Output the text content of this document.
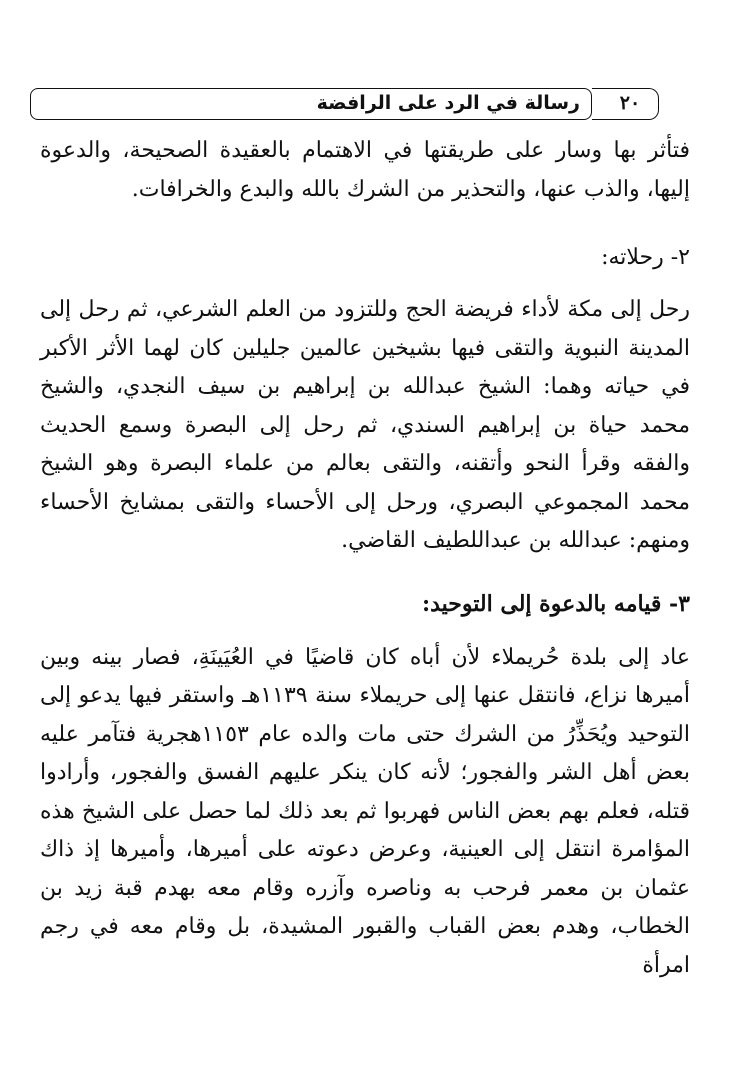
رسالة في الرد على الرافضة	٢٠

فتأثر بها وسار على طريقتها في الاهتمام بالعقيدة الصحيحة، والدعوة إليها، والذب عنها، والتحذير من الشرك بالله والبدع والخرافات.

٢- رحلاته:

رحل إلى مكة لأداء فريضة الحج وللتزود من العلم الشرعي، ثم رحل إلى المدينة النبوية والتقى فيها بشيخين عالمين جليلين كان لهما الأثر الأكبر في حياته وهما: الشيخ عبدالله بن إبراهيم بن سيف النجدي، والشيخ محمد حياة بن إبراهيم السندي، ثم رحل إلى البصرة وسمع الحديث والفقه وقرأ النحو وأتقنه، والتقى بعالم من علماء البصرة وهو الشيخ محمد المجموعي البصري، ورحل إلى الأحساء والتقى بمشايخ الأحساء ومنهم: عبدالله بن عبداللطيف القاضي.

٣- قيامه بالدعوة إلى التوحيد:

عاد إلى بلدة حُريملاء لأن أباه كان قاضيًا في العُيَينَةِ، فصار بينه وبين أميرها نزاع، فانتقل عنها إلى حريملاء سنة ١١٣٩هـ واستقر فيها يدعو إلى التوحيد ويُحَذِّرُ من الشرك حتى مات والده عام ١١٥٣هجرية فتآمر عليه بعض أهل الشر والفجور؛ لأنه كان ينكر عليهم الفسق والفجور، وأرادوا قتله، فعلم بهم بعض الناس فهربوا ثم بعد ذلك لما حصل على الشيخ هذه المؤامرة انتقل إلى العينية، وعرض دعوته على أميرها، وأميرها إذ ذاك عثمان بن معمر فرحب به وناصره وآزره وقام معه بهدم قبة زيد بن الخطاب، وهدم بعض القباب والقبور المشيدة، بل وقام معه في رجم امرأة
